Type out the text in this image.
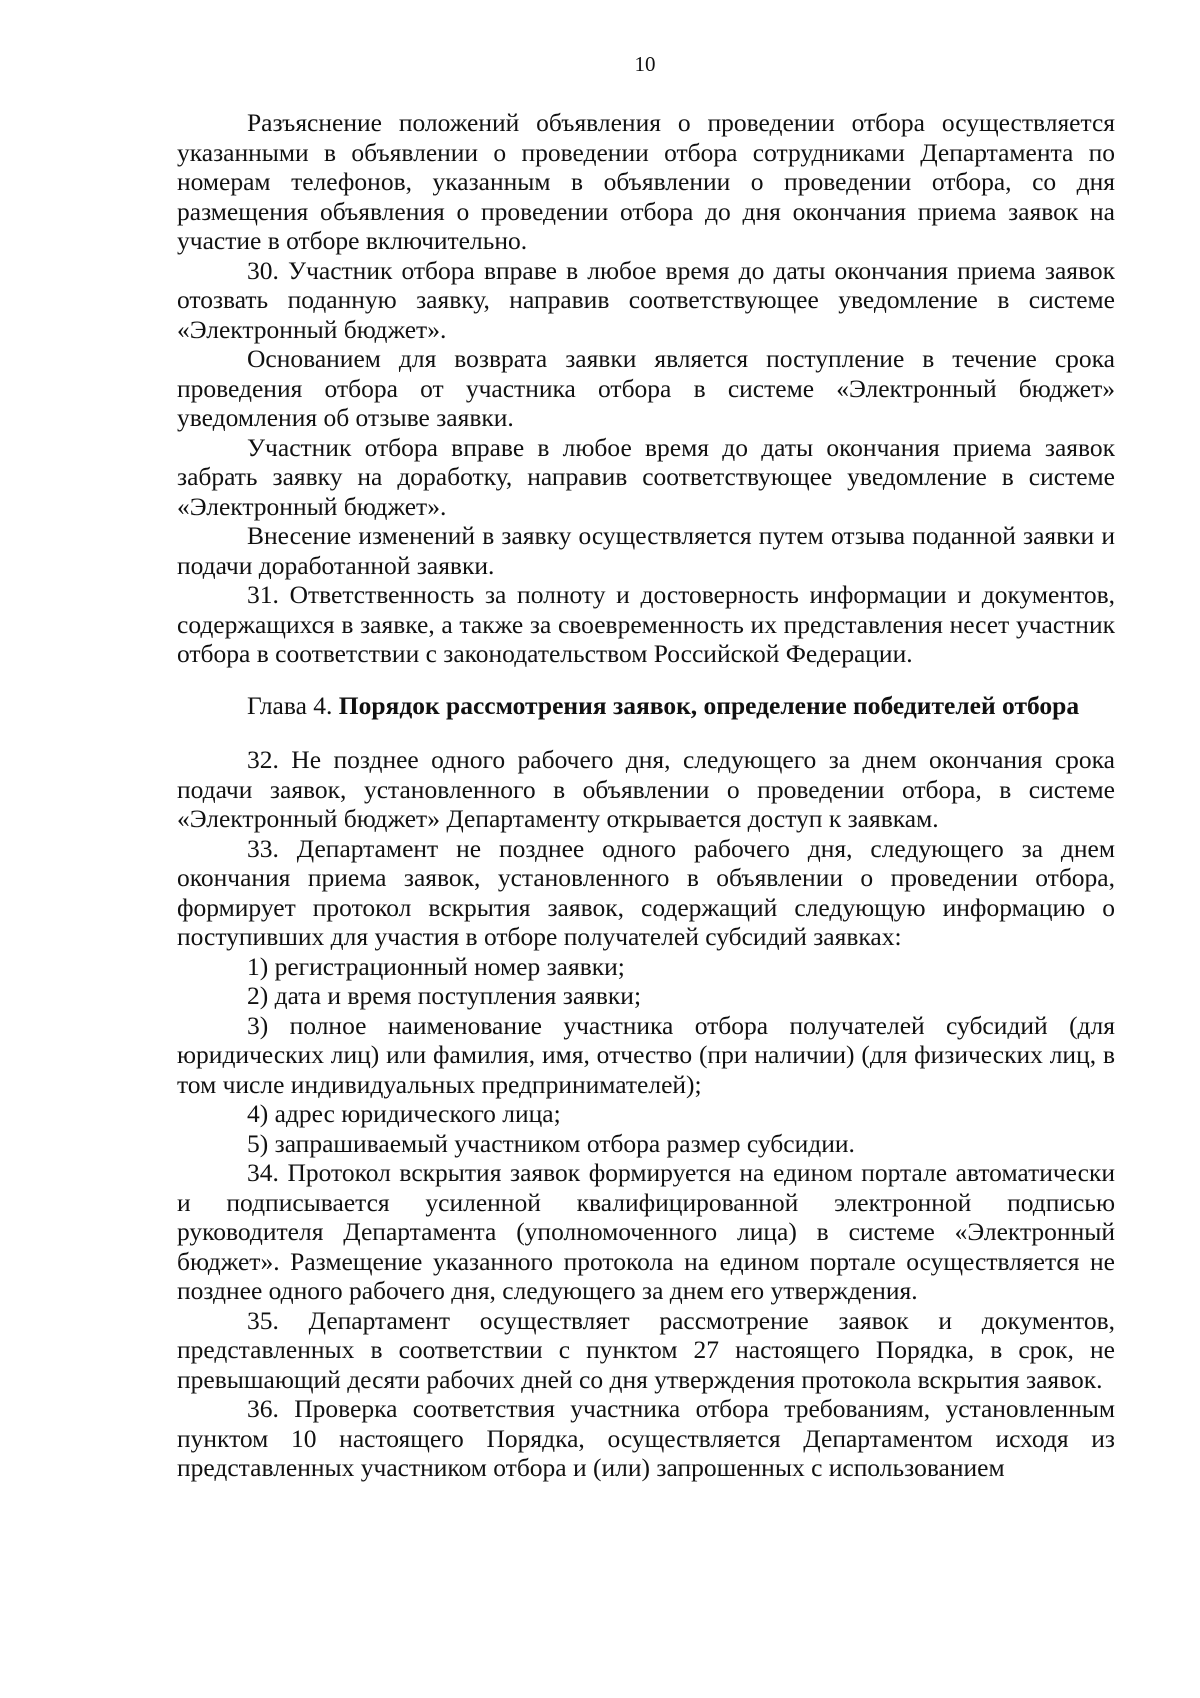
10

Разъяснение положений объявления о проведении отбора осуществляется указанными в объявлении о проведении отбора сотрудниками Департамента по номерам телефонов, указанным в объявлении о проведении отбора, со дня размещения объявления о проведении отбора до дня окончания приема заявок на участие в отборе включительно.

30. Участник отбора вправе в любое время до даты окончания приема заявок отозвать поданную заявку, направив соответствующее уведомление в системе «Электронный бюджет».

Основанием для возврата заявки является поступление в течение срока проведения отбора от участника отбора в системе «Электронный бюджет» уведомления об отзыве заявки.

Участник отбора вправе в любое время до даты окончания приема заявок забрать заявку на доработку, направив соответствующее уведомление в системе «Электронный бюджет».

Внесение изменений в заявку осуществляется путем отзыва поданной заявки и подачи доработанной заявки.

31. Ответственность за полноту и достоверность информации и документов, содержащихся в заявке, а также за своевременность их представления несет участник отбора в соответствии с законодательством Российской Федерации.

Глава 4. Порядок рассмотрения заявок, определение победителей отбора

32. Не позднее одного рабочего дня, следующего за днем окончания срока подачи заявок, установленного в объявлении о проведении отбора, в системе «Электронный бюджет» Департаменту открывается доступ к заявкам.

33. Департамент не позднее одного рабочего дня, следующего за днем окончания приема заявок, установленного в объявлении о проведении отбора, формирует протокол вскрытия заявок, содержащий следующую информацию о поступивших для участия в отборе получателей субсидий заявках:

1) регистрационный номер заявки;

2) дата и время поступления заявки;

3) полное наименование участника отбора получателей субсидий (для юридических лиц) или фамилия, имя, отчество (при наличии) (для физических лиц, в том числе индивидуальных предпринимателей);

4) адрес юридического лица;

5) запрашиваемый участником отбора размер субсидии.

34. Протокол вскрытия заявок формируется на едином портале автоматически и подписывается усиленной квалифицированной электронной подписью руководителя Департамента (уполномоченного лица) в системе «Электронный бюджет». Размещение указанного протокола на едином портале осуществляется не позднее одного рабочего дня, следующего за днем его утверждения.

35. Департамент осуществляет рассмотрение заявок и документов, представленных в соответствии с пунктом 27 настоящего Порядка, в срок, не превышающий десяти рабочих дней со дня утверждения протокола вскрытия заявок.

36. Проверка соответствия участника отбора требованиям, установленным пунктом 10 настоящего Порядка, осуществляется Департаментом исходя из представленных участником отбора и (или) запрошенных с использованием
